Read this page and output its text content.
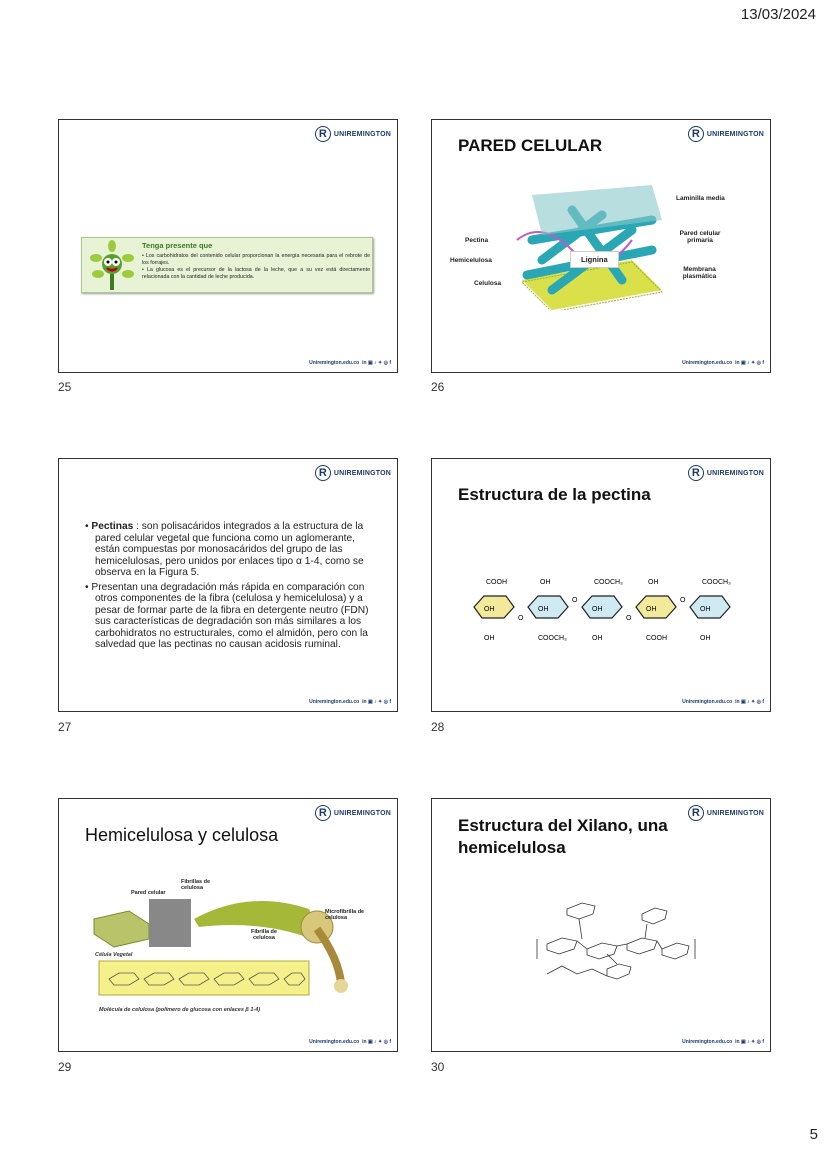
13/03/2024
R	UNIREMINGTON
Tenga presente que
• Los carbohidratos del contenido celular proporcionan la energía necesaria para el rebrote de los forrajes.
• La glucosa es el precursor de la lactosa de la leche, que a su vez está directamente relacionada con la cantidad de leche producida.
Uniremington.edu.co in ▣ ♪ ✦ ◎ f
25
R	UNIREMINGTON
PARED CELULAR
Lignina
Pectina
Hemicelulosa
Celulosa
Laminilla media
Pared celular primaria
Membrana plasmática
Uniremington.edu.co in ▣ ♪ ✦ ◎ f
26
R	UNIREMINGTON
• Pectinas : son polisacáridos integrados a la estructura de la pared celular vegetal que funciona como un aglomerante, están compuestas por monosacáridos del grupo de las hemicelulosas, pero unidos por enlaces tipo α 1-4, como se observa en la Figura 5.
• Presentan una degradación más rápida en comparación con otros componentes de la fibra (celulosa y hemicelulosa) y a pesar de formar parte de la fibra en detergente neutro (FDN) sus características de degradación son más similares a los carbohidratos no estructurales, como el almidón, pero con la salvedad que las pectinas no causan acidosis ruminal.
Uniremington.edu.co in ▣ ♪ ✦ ◎ f
27
R	UNIREMINGTON
Estructura de la pectina
O
COOH
OH
OH
O
OH
OH
COOCH₃
O
COOCH₃
OH
OH
O
OH
OH
COOH
COOCH₃
OH
OH
Uniremington.edu.co in ▣ ♪ ✦ ◎ f
28
R	UNIREMINGTON
Hemicelulosa y celulosa
Pared celular
Fibrillas de celulosa
Fibrilla de celulosa
Microfibrilla de celulosa
Célula Vegetal
Molécula de celulosa (polímero de glucosa con enlaces β 1-4)
Uniremington.edu.co in ▣ ♪ ✦ ◎ f
29
R	UNIREMINGTON
Estructura del Xilano, una hemicelulosa
Uniremington.edu.co in ▣ ♪ ✦ ◎ f
30
5
